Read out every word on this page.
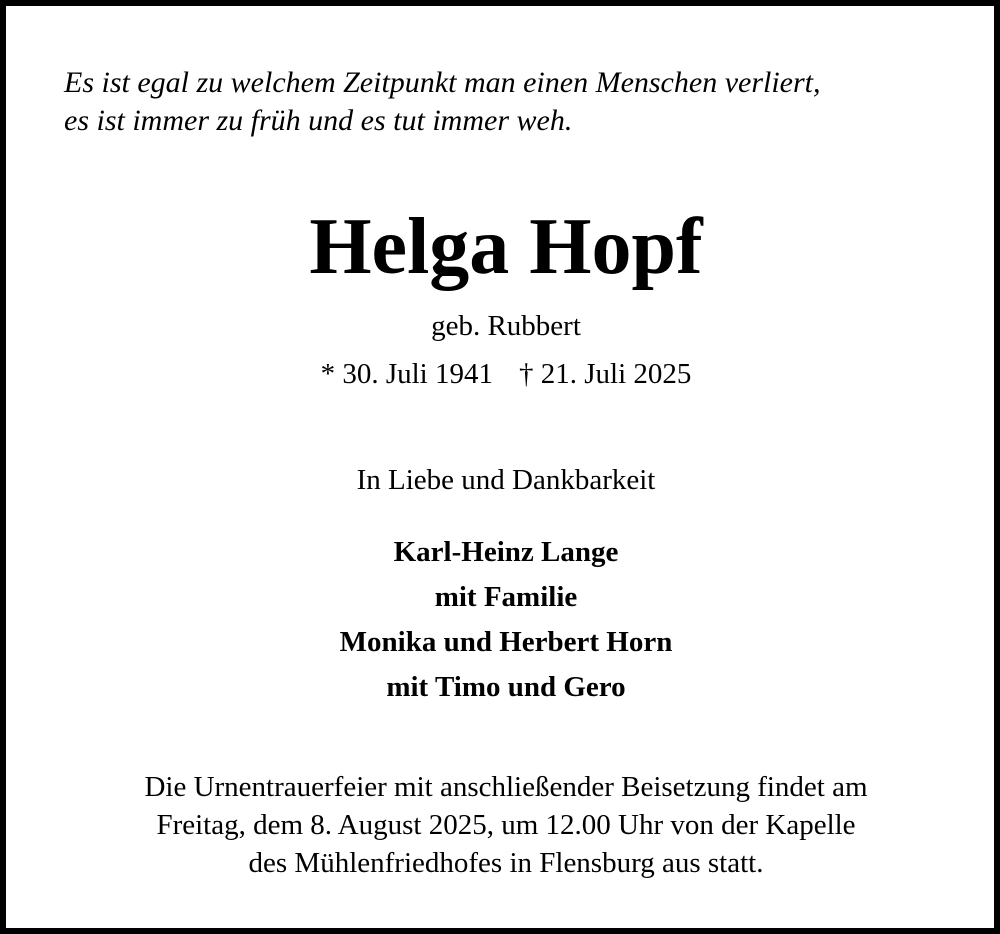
Es ist egal zu welchem Zeitpunkt man einen Menschen verliert,
es ist immer zu früh und es tut immer weh.
Helga Hopf
geb. Rubbert
* 30. Juli 1941 † 21. Juli 2025
In Liebe und Dankbarkeit
Karl-Heinz Lange
mit Familie
Monika und Herbert Horn
mit Timo und Gero
Die Urnentrauerfeier mit anschließender Beisetzung findet am
Freitag, dem 8. August 2025, um 12.00 Uhr von der Kapelle
des Mühlenfriedhofes in Flensburg aus statt.
